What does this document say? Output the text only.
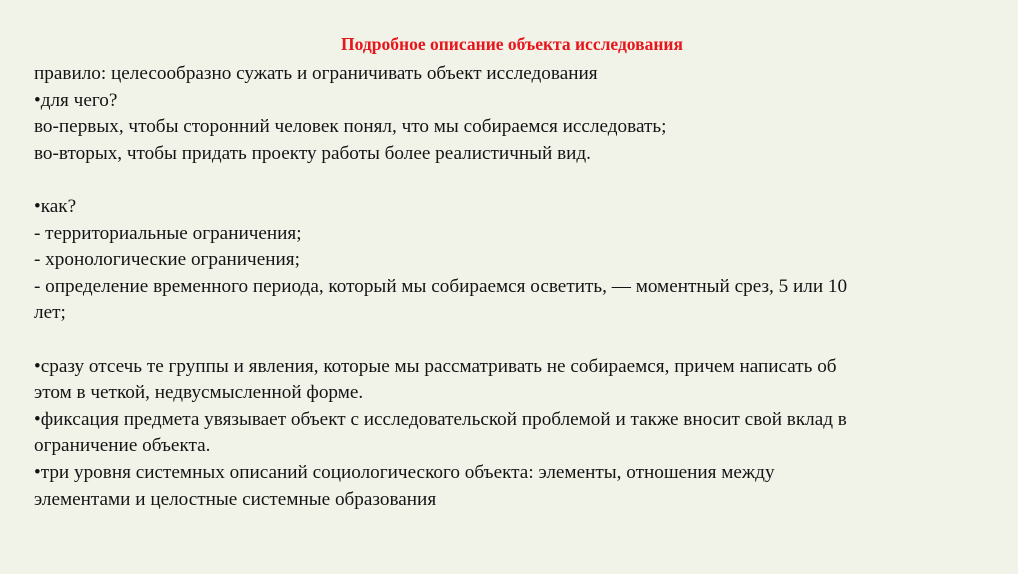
Подробное описание объекта исследования
правило: целесообразно сужать и ограничивать объект исследования
•для чего?
во-первых, чтобы сторонний человек понял, что мы собираемся исследовать;
во-вторых, чтобы придать проекту работы более реалистичный вид.
•как?
- территориальные ограничения;
- хронологические ограничения;
- определение временного периода, который мы собираемся осветить, — моментный срез, 5 или 10
лет;
•сразу отсечь те группы и явления, которые мы рассматривать не собираемся, причем написать об
этом в четкой, недвусмысленной форме.
•фиксация предмета увязывает объект с исследовательской проблемой и также вносит свой вклад в
ограничение объекта.
•три уровня системных описаний социологического объекта: элементы, отношения между
элементами и целостные системные образования
